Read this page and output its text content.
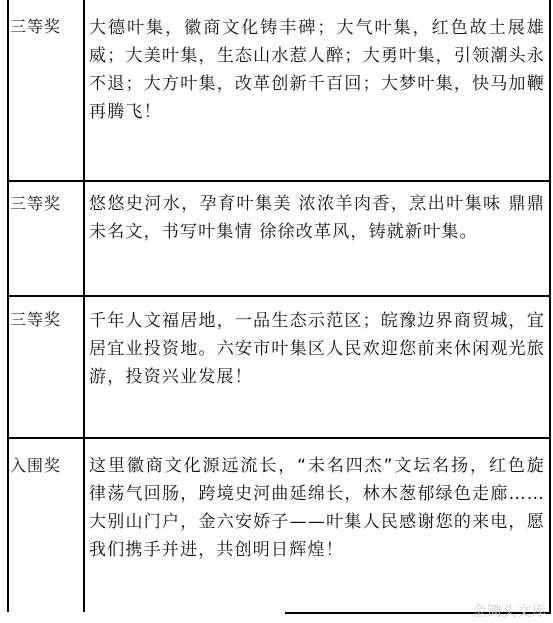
三等奖 大德叶集，徽商文化铸丰碑；大气叶集，红色故土展雄威；大美叶集，生态山水惹人醉；大勇叶集，引领潮头永不退；大方叶集，改革创新千百回；大梦叶集，快马加鞭再腾飞！
三等奖 悠悠史河水，孕育叶集美 浓浓羊肉香，烹出叶集味 鼎鼎未名文，书写叶集情 徐徐改革风，铸就新叶集。
三等奖 千年人文福居地，一品生态示范区；皖豫边界商贸城，宜居宜业投资地。六安市叶集区人民欢迎您前来休闲观光旅游，投资兴业发展！
入围奖 这里徽商文化源远流长，“未名四杰”文坛名扬，红色旋律荡气回肠，跨境史河曲延绵长，林木葱郁绿色走廊……大别山门户，金六安娇子——叶集人民感谢您的来电，愿我们携手并进，共创明日辉煌！
金锄头文库
